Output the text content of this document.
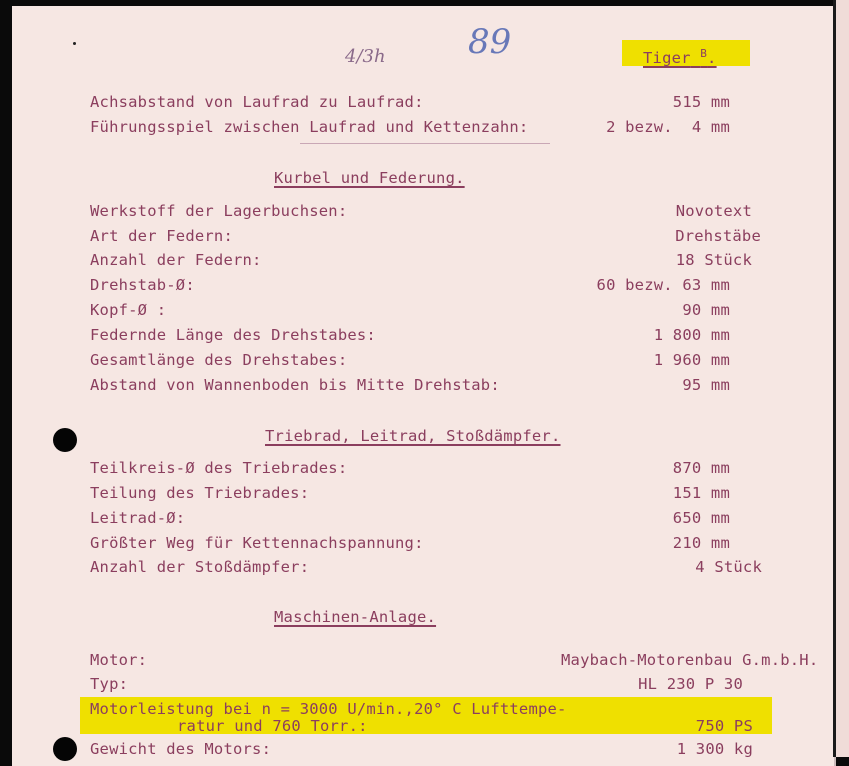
4/3h 89	Tiger $^B$.
Achsabstand von Laufrad zu Laufrad:	515 mm
Führungsspiel zwischen Laufrad und Kettenzahn:	2 bezw.  4 mm
Kurbel und Federung.
Werkstoff der Lagerbuchsen:	Novotext
Art der Federn:	Drehstäbe
Anzahl der Federn:	18 Stück
Drehstab-Ø:	60 bezw. 63 mm
Kopf-Ø :	90 mm
Federnde Länge des Drehstabes:	1 800 mm
Gesamtlänge des Drehstabes:	1 960 mm
Abstand von Wannenboden bis Mitte Drehstab:	95 mm
Triebrad, Leitrad, Stoßdämpfer.
Teilkreis-Ø des Triebrades:	870 mm
Teilung des Triebrades:	151 mm
Leitrad-Ø:	650 mm
Größter Weg für Kettennachspannung:	210 mm
Anzahl der Stoßdämpfer:	4 Stück
Maschinen-Anlage.
Motor:	Maybach-Motorenbau G.m.b.H.
Typ:	HL 230 P 30
Motorleistung bei n = 3000 U/min.,20° C Lufttempe-
ratur und 760 Torr.:	750 PS
Gewicht des Motors:	1 300 kg
